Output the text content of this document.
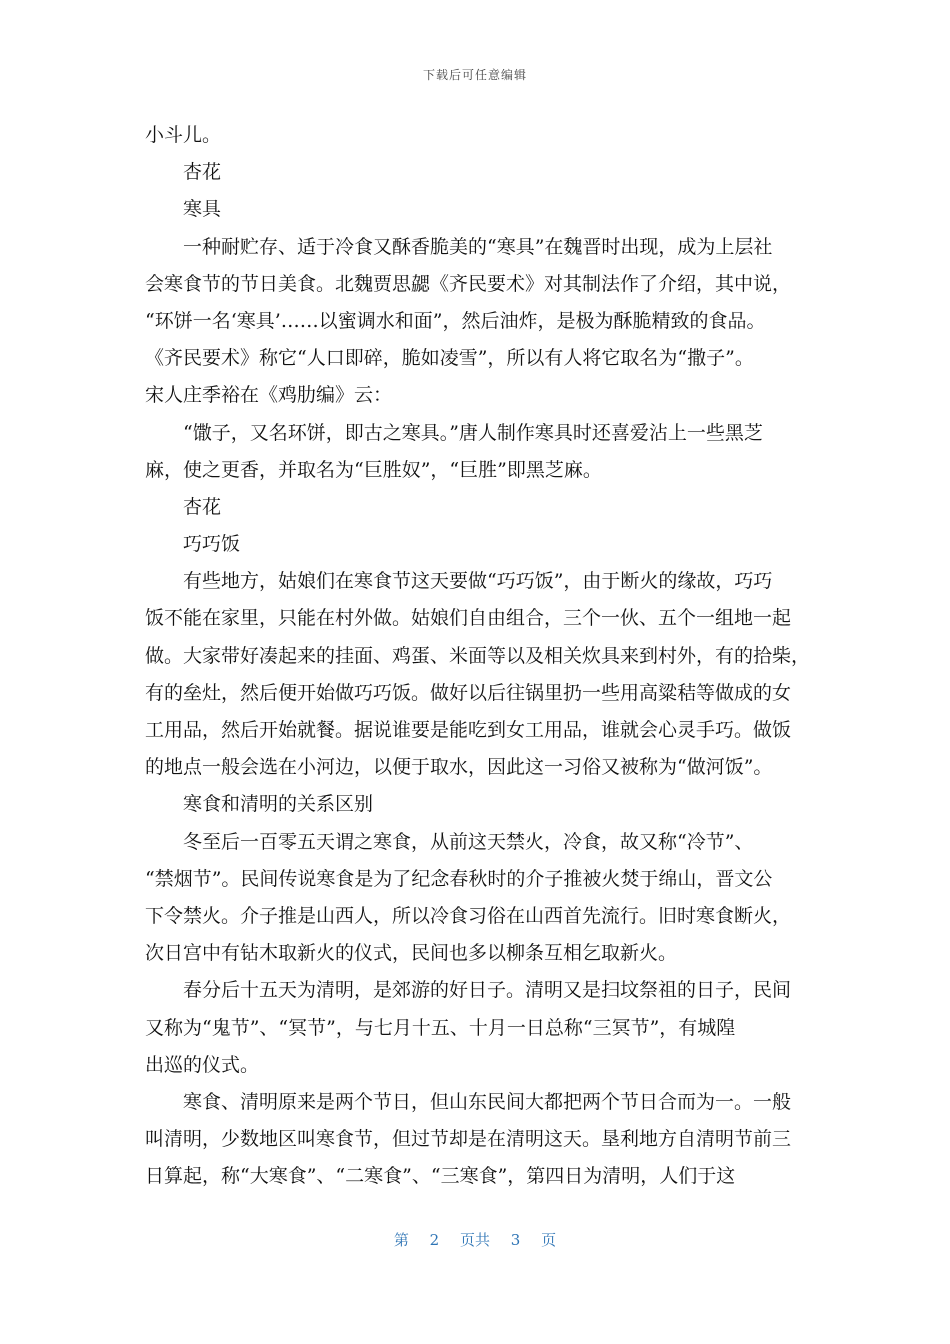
下载后可任意编辑
小斗儿。
杏花
寒具
一种耐贮存、适于冷食又酥香脆美的“寒具”在魏晋时出现，成为上层社
会寒食节的节日美食。北魏贾思勰《齐民要术》对其制法作了介绍，其中说，
“环饼一名‘寒具’……以蜜调水和面”，然后油炸，是极为酥脆精致的食品。
《齐民要术》称它“人口即碎，脆如凌雪”，所以有人将它取名为“撒子”。
宋人庄季裕在《鸡肋编》云：
“馓子，又名环饼，即古之寒具。”唐人制作寒具时还喜爱沾上一些黑芝
麻，使之更香，并取名为“巨胜奴”，“巨胜”即黑芝麻。
杏花
巧巧饭
有些地方，姑娘们在寒食节这天要做“巧巧饭”，由于断火的缘故，巧巧
饭不能在家里，只能在村外做。姑娘们自由组合，三个一伙、五个一组地一起
做。大家带好凑起来的挂面、鸡蛋、米面等以及相关炊具来到村外，有的拾柴，
有的垒灶，然后便开始做巧巧饭。做好以后往锅里扔一些用高粱秸等做成的女
工用品，然后开始就餐。据说谁要是能吃到女工用品，谁就会心灵手巧。做饭
的地点一般会选在小河边，以便于取水，因此这一习俗又被称为“做河饭”。
寒食和清明的关系区别
冬至后一百零五天谓之寒食，从前这天禁火，冷食，故又称“冷节”、
“禁烟节”。民间传说寒食是为了纪念春秋时的介子推被火焚于绵山，晋文公
下令禁火。介子推是山西人，所以冷食习俗在山西首先流行。旧时寒食断火，
次日宫中有钻木取新火的仪式，民间也多以柳条互相乞取新火。
春分后十五天为清明，是郊游的好日子。清明又是扫坟祭祖的日子，民间
又称为“鬼节”、“冥节”，与七月十五、十月一日总称“三冥节”，有城隍
出巡的仪式。
寒食、清明原来是两个节日，但山东民间大都把两个节日合而为一。一般
叫清明，少数地区叫寒食节，但过节却是在清明这天。垦利地方自清明节前三
日算起，称“大寒食”、“二寒食”、“三寒食”，第四日为清明，人们于这
第 2 页共 3 页
